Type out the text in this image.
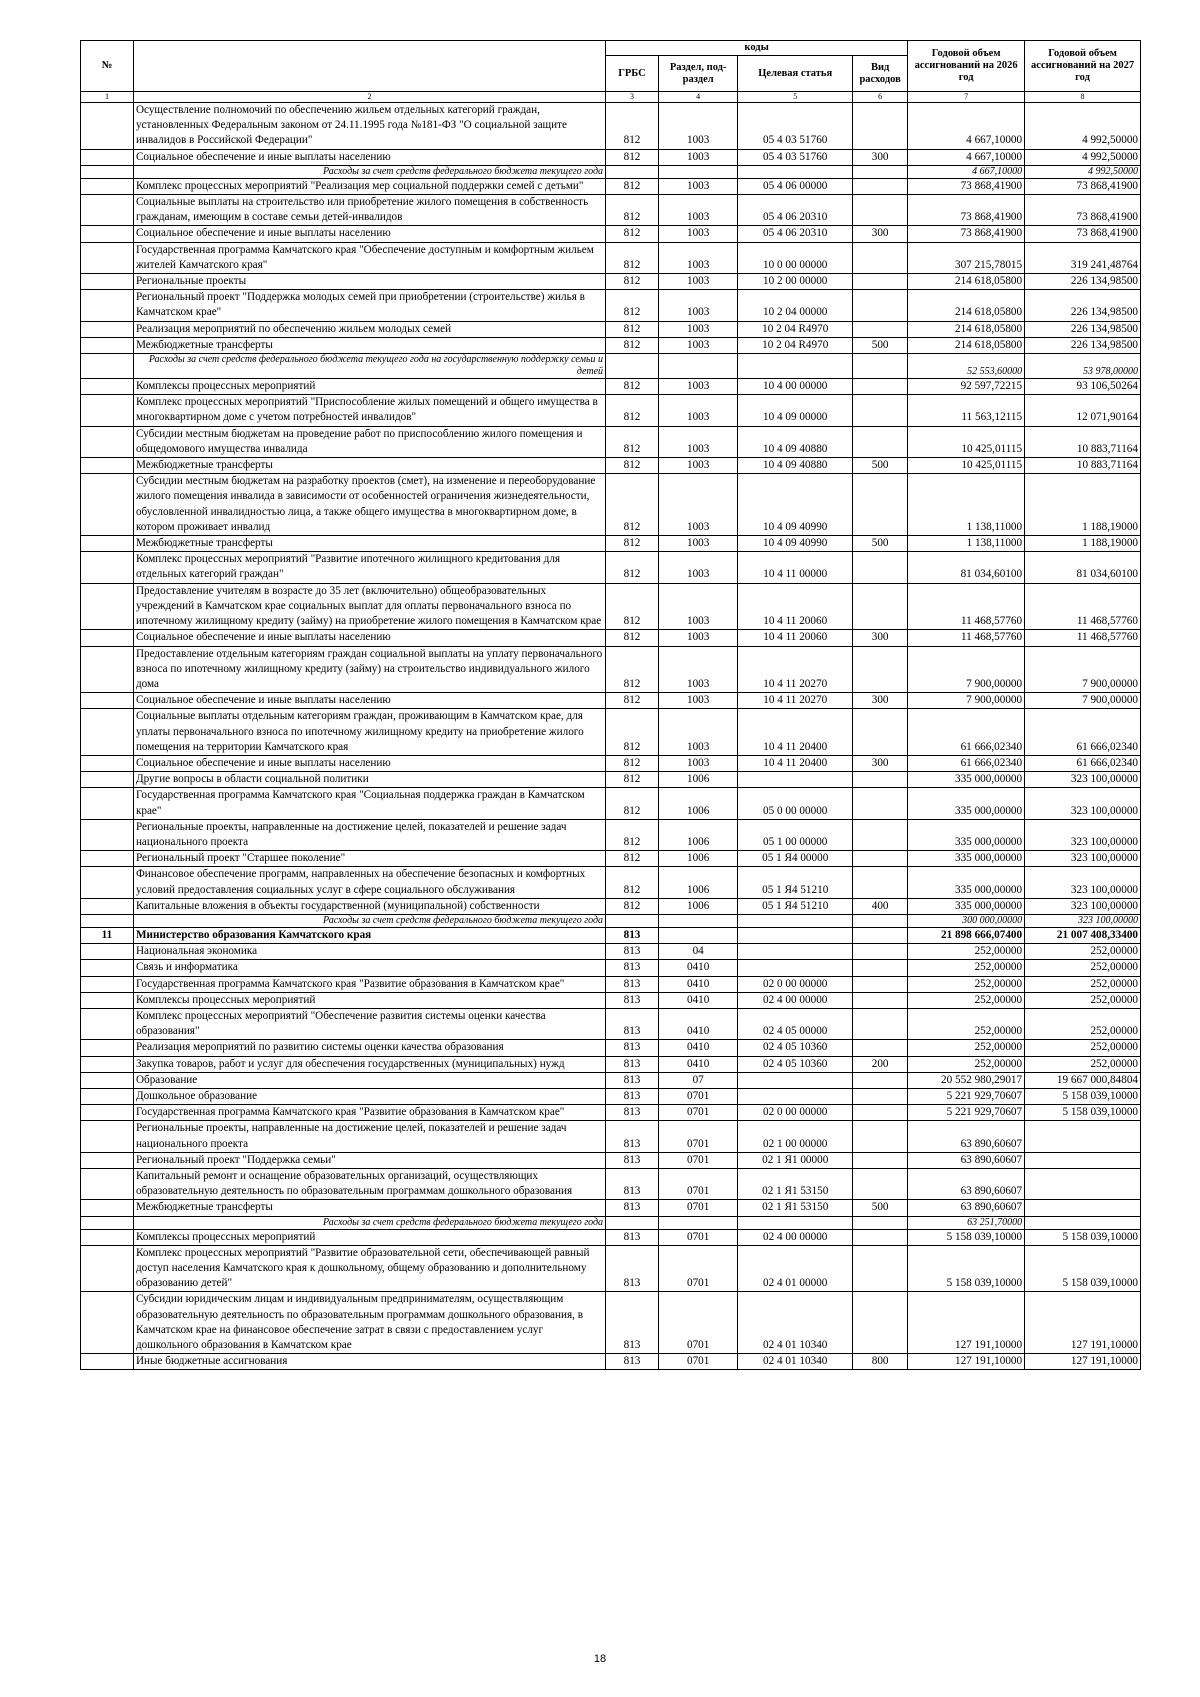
№		коды				Годовой объем ассигнований на 2026 год	Годовой объем ассигнований на 2027 год
		ГРБС	Раздел, под-раздел	Целевая статья	Вид расходов		
1	2	3	4	5	6	7	8
	Осуществление полномочий по обеспечению жильем отдельных категорий граждан, установленных Федеральным законом от 24.11.1995 года №181-ФЗ "О социальной защите инвалидов в Российской Федерации"	812	1003	05 4 03 51760		4 667,10000	4 992,50000
	Социальное обеспечение и иные выплаты населению	812	1003	05 4 03 51760	300	4 667,10000	4 992,50000
	Расходы за счет средств федерального бюджета текущего года					4 667,10000	4 992,50000
	Комплекс процессных мероприятий "Реализация мер социальной поддержки семей с детьми"	812	1003	05 4 06 00000		73 868,41900	73 868,41900
	Социальные выплаты на строительство или приобретение жилого помещения в собственность гражданам, имеющим в составе семьи детей-инвалидов	812	1003	05 4 06 20310		73 868,41900	73 868,41900
	Социальное обеспечение и иные выплаты населению	812	1003	05 4 06 20310	300	73 868,41900	73 868,41900
	Государственная программа Камчатского края "Обеспечение доступным и комфортным жильем жителей Камчатского края"	812	1003	10 0 00 00000		307 215,78015	319 241,48764
	Региональные проекты	812	1003	10 2 00 00000		214 618,05800	226 134,98500
	Региональный проект "Поддержка молодых семей при приобретении (строительстве) жилья в Камчатском крае"	812	1003	10 2 04 00000		214 618,05800	226 134,98500
	Реализация мероприятий по обеспечению жильем молодых семей	812	1003	10 2 04 R4970		214 618,05800	226 134,98500
	Межбюджетные трансферты	812	1003	10 2 04 R4970	500	214 618,05800	226 134,98500
	Расходы за счет средств федерального бюджета текущего года на государственную поддержку семьи и детей					52 553,60000	53 978,00000
	Комплексы процессных мероприятий	812	1003	10 4 00 00000		92 597,72215	93 106,50264
	Комплекс процессных мероприятий "Приспособление жилых помещений и общего имущества в многоквартирном доме с учетом потребностей инвалидов"	812	1003	10 4 09 00000		11 563,12115	12 071,90164
	Субсидии местным бюджетам на проведение работ по приспособлению жилого помещения и общедомового имущества инвалида	812	1003	10 4 09 40880		10 425,01115	10 883,71164
	Межбюджетные трансферты	812	1003	10 4 09 40880	500	10 425,01115	10 883,71164
	Субсидии местным бюджетам на разработку проектов (смет), на изменение и переоборудование жилого помещения инвалида в зависимости от особенностей ограничения жизнедеятельности, обусловленной инвалидностью лица, а также общего имущества в многоквартирном доме, в котором проживает инвалид	812	1003	10 4 09 40990		1 138,11000	1 188,19000
	Межбюджетные трансферты	812	1003	10 4 09 40990	500	1 138,11000	1 188,19000
	Комплекс процессных мероприятий "Развитие ипотечного жилищного кредитования для отдельных категорий граждан"	812	1003	10 4 11 00000		81 034,60100	81 034,60100
	Предоставление учителям в возрасте до 35 лет (включительно) общеобразовательных учреждений в Камчатском крае социальных выплат для оплаты первоначального взноса по ипотечному жилищному кредиту (займу) на приобретение жилого помещения в Камчатском крае	812	1003	10 4 11 20060		11 468,57760	11 468,57760
	Социальное обеспечение и иные выплаты населению	812	1003	10 4 11 20060	300	11 468,57760	11 468,57760
	Предоставление отдельным категориям граждан социальной выплаты на уплату первоначального взноса по ипотечному жилищному кредиту (займу) на строительство индивидуального жилого дома	812	1003	10 4 11 20270		7 900,00000	7 900,00000
	Социальное обеспечение и иные выплаты населению	812	1003	10 4 11 20270	300	7 900,00000	7 900,00000
	Социальные выплаты отдельным категориям граждан, проживающим в Камчатском крае, для уплаты первоначального взноса по ипотечному жилищному кредиту на приобретение жилого помещения на территории Камчатского края	812	1003	10 4 11 20400		61 666,02340	61 666,02340
	Социальное обеспечение и иные выплаты населению	812	1003	10 4 11 20400	300	61 666,02340	61 666,02340
	Другие вопросы в области социальной политики	812	1006			335 000,00000	323 100,00000
	Государственная программа Камчатского края "Социальная поддержка граждан в Камчатском крае"	812	1006	05 0 00 00000		335 000,00000	323 100,00000
	Региональные проекты, направленные на достижение целей, показателей и решение задач национального проекта	812	1006	05 1 00 00000		335 000,00000	323 100,00000
	Региональный проект "Старшее поколение"	812	1006	05 1 Я4 00000		335 000,00000	323 100,00000
	Финансовое обеспечение программ, направленных на обеспечение безопасных и комфортных условий предоставления социальных услуг в сфере социального обслуживания	812	1006	05 1 Я4 51210		335 000,00000	323 100,00000
	Капитальные вложения в объекты государственной (муниципальной) собственности	812	1006	05 1 Я4 51210	400	335 000,00000	323 100,00000
	Расходы за счет средств федерального бюджета текущего года					300 000,00000	323 100,00000
11	Министерство образования Камчатского края	813				21 898 666,07400	21 007 408,33400
	Национальная экономика	813	04			252,00000	252,00000
	Связь и информатика	813	0410			252,00000	252,00000
	Государственная программа Камчатского края "Развитие образования в Камчатском крае"	813	0410	02 0 00 00000		252,00000	252,00000
	Комплексы процессных мероприятий	813	0410	02 4 00 00000		252,00000	252,00000
	Комплекс процессных мероприятий "Обеспечение развития системы оценки качества образования"	813	0410	02 4 05 00000		252,00000	252,00000
	Реализация мероприятий по развитию системы оценки качества образования	813	0410	02 4 05 10360		252,00000	252,00000
	Закупка товаров, работ и услуг для обеспечения государственных (муниципальных) нужд	813	0410	02 4 05 10360	200	252,00000	252,00000
	Образование	813	07			20 552 980,29017	19 667 000,84804
	Дошкольное образование	813	0701			5 221 929,70607	5 158 039,10000
	Государственная программа Камчатского края "Развитие образования в Камчатском крае"	813	0701	02 0 00 00000		5 221 929,70607	5 158 039,10000
	Региональные проекты, направленные на достижение целей, показателей и решение задач национального проекта	813	0701	02 1 00 00000		63 890,60607	
	Региональный проект "Поддержка семьи"	813	0701	02 1 Я1 00000		63 890,60607	
	Капитальный ремонт и оснащение образовательных организаций, осуществляющих образовательную деятельность по образовательным программам дошкольного образования	813	0701	02 1 Я1 53150		63 890,60607	
	Межбюджетные трансферты	813	0701	02 1 Я1 53150	500	63 890,60607	
	Расходы за счет средств федерального бюджета текущего года					63 251,70000	
	Комплексы процессных мероприятий	813	0701	02 4 00 00000		5 158 039,10000	5 158 039,10000
	Комплекс процессных мероприятий "Развитие образовательной сети, обеспечивающей равный доступ населения Камчатского края к дошкольному, общему образованию и дополнительному образованию детей"	813	0701	02 4 01 00000		5 158 039,10000	5 158 039,10000
	Субсидии юридическим лицам и индивидуальным предпринимателям, осуществляющим образовательную деятельность по образовательным программам дошкольного образования, в Камчатском крае на финансовое обеспечение затрат в связи с предоставлением услуг дошкольного образования в Камчатском крае	813	0701	02 4 01 10340		127 191,10000	127 191,10000
	Иные бюджетные ассигнования	813	0701	02 4 01 10340	800	127 191,10000	127 191,10000
18
